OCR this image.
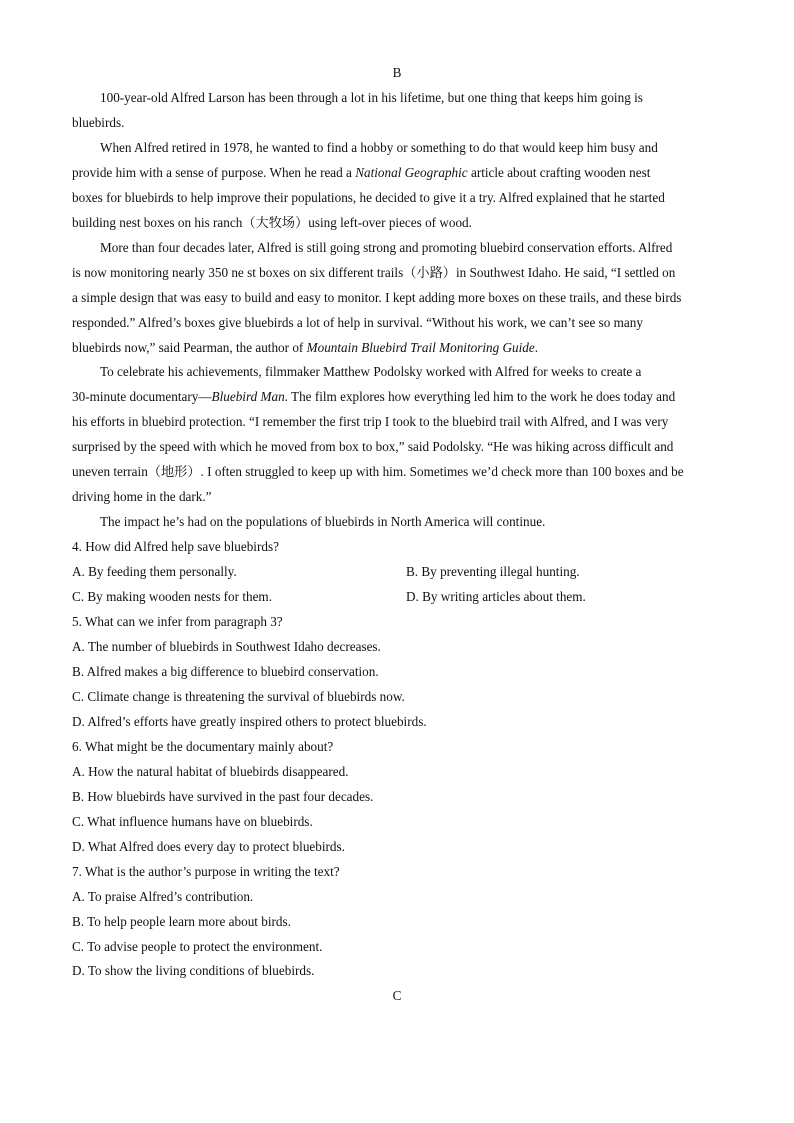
B
100-year-old Alfred Larson has been through a lot in his lifetime, but one thing that keeps him going is
bluebirds.
When Alfred retired in 1978, he wanted to find a hobby or something to do that would keep him busy and
provide him with a sense of purpose. When he read a National Geographic article about crafting wooden nest
boxes for bluebirds to help improve their populations, he decided to give it a try. Alfred explained that he started
building nest boxes on his ranch（大牧场）using left-over pieces of wood.
More than four decades later, Alfred is still going strong and promoting bluebird conservation efforts. Alfred
is now monitoring nearly 350 ne st boxes on six different trails（小路）in Southwest Idaho. He said, “I settled on
a simple design that was easy to build and easy to monitor. I kept adding more boxes on these trails, and these birds
responded.” Alfred’s boxes give bluebirds a lot of help in survival. “Without his work, we can’t see so many
bluebirds now,” said Pearman, the author of Mountain Bluebird Trail Monitoring Guide.
To celebrate his achievements, filmmaker Matthew Podolsky worked with Alfred for weeks to create a
30-minute documentary—Bluebird Man. The film explores how everything led him to the work he does today and
his efforts in bluebird protection. “I remember the first trip I took to the bluebird trail with Alfred, and I was very
surprised by the speed with which he moved from box to box,” said Podolsky. “He was hiking across difficult and
uneven terrain（地形）. I often struggled to keep up with him. Sometimes we’d check more than 100 boxes and be
driving home in the dark.”
The impact he’s had on the populations of bluebirds in North America will continue.
4. How did Alfred help save bluebirds?
A. By feeding them personally.	B. By preventing illegal hunting.
C. By making wooden nests for them.	D. By writing articles about them.
5. What can we infer from paragraph 3?
A. The number of bluebirds in Southwest Idaho decreases.
B. Alfred makes a big difference to bluebird conservation.
C. Climate change is threatening the survival of bluebirds now.
D. Alfred’s efforts have greatly inspired others to protect bluebirds.
6. What might be the documentary mainly about?
A. How the natural habitat of bluebirds disappeared.
B. How bluebirds have survived in the past four decades.
C. What influence humans have on bluebirds.
D. What Alfred does every day to protect bluebirds.
7. What is the author’s purpose in writing the text?
A. To praise Alfred’s contribution.
B. To help people learn more about birds.
C. To advise people to protect the environment.
D. To show the living conditions of bluebirds.
C
